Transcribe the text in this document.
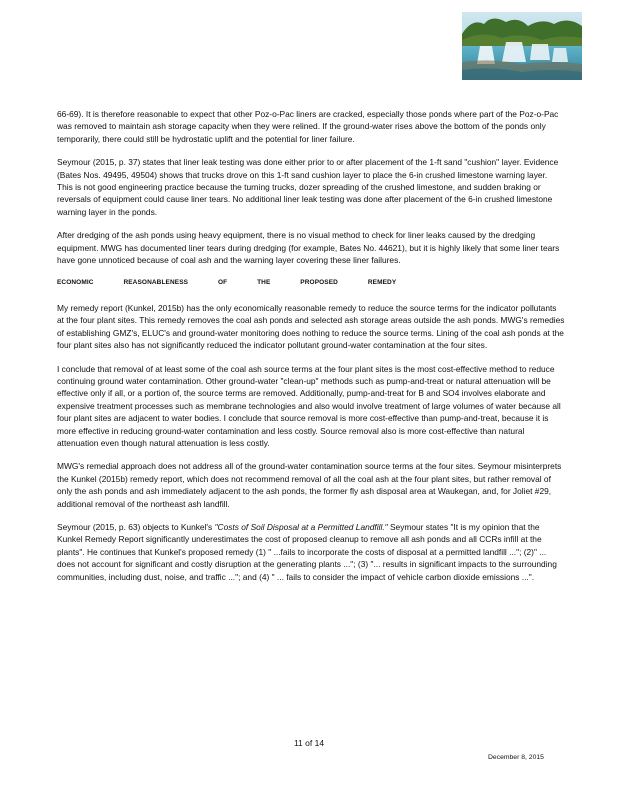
66-69). It is therefore reasonable to expect that other Poz-o-Pac liners are cracked, especially those ponds where part of the Poz-o-Pac was removed to maintain ash storage capacity when they were relined. If the ground-water rises above the bottom of the ponds only temporarily, there could still be hydrostatic uplift and the potential for liner failure.

Seymour (2015, p. 37) states that liner leak testing was done either prior to or after placement of the 1-ft sand "cushion" layer. Evidence (Bates Nos. 49495, 49504) shows that trucks drove on this 1-ft sand cushion layer to place the 6-in crushed limestone warning layer. This is not good engineering practice because the turning trucks, dozer spreading of the crushed limestone, and sudden braking or reversals of equipment could cause liner tears. No additional liner leak testing was done after placement of the 6-in crushed limestone warning layer in the ponds.

After dredging of the ash ponds using heavy equipment, there is no visual method to check for liner leaks caused by the dredging equipment. MWG has documented liner tears during dredging (for example, Bates No. 44621), but it is highly likely that some liner tears have gone unnoticed because of coal ash and the warning layer covering these liner failures.

ECONOMIC REASONABLENESS OF THE PROPOSED REMEDY

My remedy report (Kunkel, 2015b) has the only economically reasonable remedy to reduce the source terms for the indicator pollutants at the four plant sites. This remedy removes the coal ash ponds and selected ash storage areas outside the ash ponds. MWG's remedies of establishing GMZ's, ELUC's and ground-water monitoring does nothing to reduce the source terms. Lining of the coal ash ponds at the four plant sites also has not significantly reduced the indicator pollutant ground-water contamination at the four sites.

I conclude that removal of at least some of the coal ash source terms at the four plant sites is the most cost-effective method to reduce continuing ground water contamination. Other ground-water "clean-up" methods such as pump-and-treat or natural attenuation will be effective only if all, or a portion of, the source terms are removed. Additionally, pump-and-treat for B and SO4 involves elaborate and expensive treatment processes such as membrane technologies and also would involve treatment of large volumes of water because all four plant sites are adjacent to water bodies. I conclude that source removal is more cost-effective than pump-and-treat, because it is more effective in reducing ground-water contamination and less costly. Source removal also is more cost-effective than natural attenuation even though natural attenuation is less costly.

MWG's remedial approach does not address all of the ground-water contamination source terms at the four sites. Seymour misinterprets the Kunkel (2015b) remedy report, which does not recommend removal of all the coal ash at the four plant sites, but rather removal of only the ash ponds and ash immediately adjacent to the ash ponds, the former fly ash disposal area at Waukegan, and, for Joliet #29, additional removal of the northeast ash landfill.

Seymour (2015, p. 63) objects to Kunkel's "Costs of Soil Disposal at a Permitted Landfill." Seymour states "It is my opinion that the Kunkel Remedy Report significantly underestimates the cost of proposed cleanup to remove all ash ponds and all CCRs infill at the plants". He continues that Kunkel's proposed remedy (1) " ...fails to incorporate the costs of disposal at a permitted landfill ..."; (2)" ... does not account for significant and costly disruption at the generating plants ..."; (3) "... results in significant impacts to the surrounding communities, including dust, noise, and traffic ..."; and (4) " ... fails to consider the impact of vehicle carbon dioxide emissions ...".

11 of 14
December 8, 2015
